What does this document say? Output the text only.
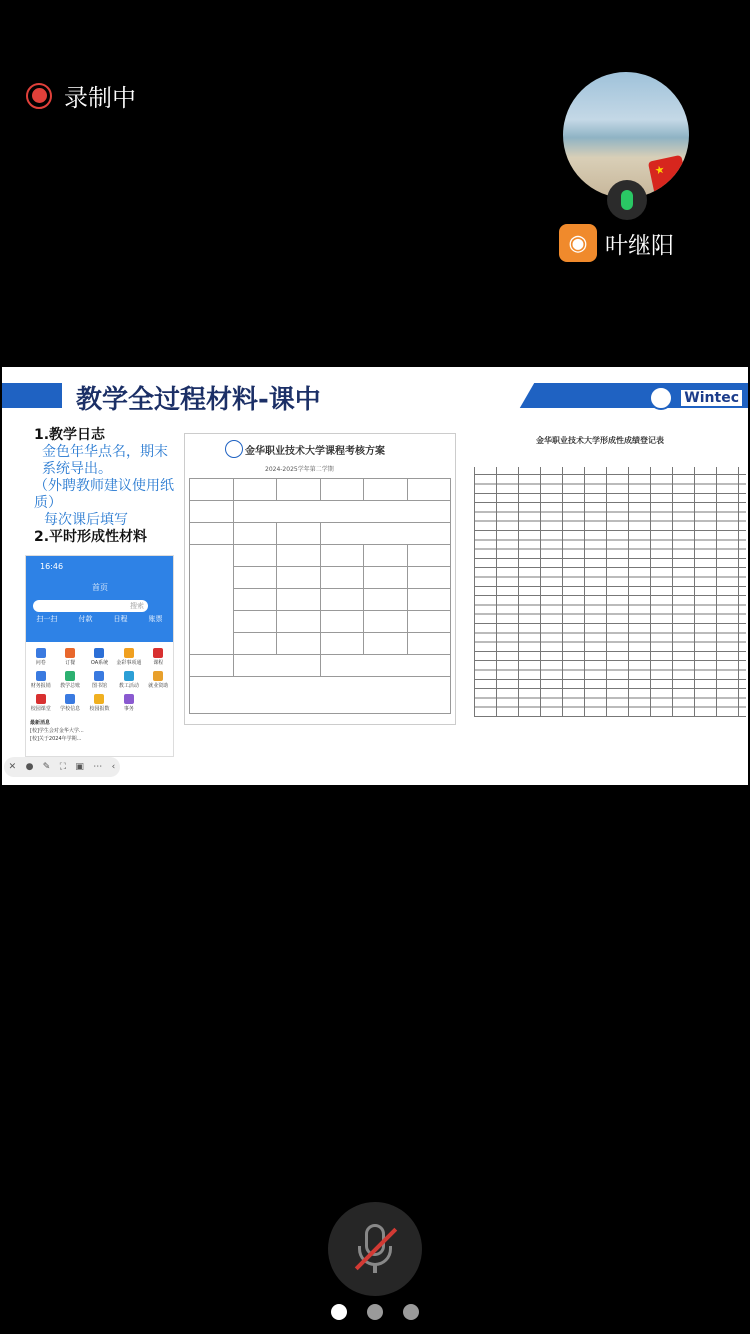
录制中
★
◉ 叶继阳
教学全过程材料-课中	Wintec
1.教学日志
金色年华点名，期末系统导出。
（外聘教师建议使用纸质）
每次课后填写
2.平时形成性材料
16:46
首页
搜索
扫一扫	付款	日程	账票
问卷	订餐	OA系统	金彩事项通	课程
财务报销	教学总账	图书馆	教工活动	就业资助
校园课堂	学校信息	校园报数	事务
最新消息
[校]学生会对金华大学...
[校]关于2024年学期...
✕ ● ✎ ⛶ ▣ ⋯ ‹
金华职业技术大学课程考核方案
2024-2025学年第二学期

金华职业技术大学形成性成绩登记表
